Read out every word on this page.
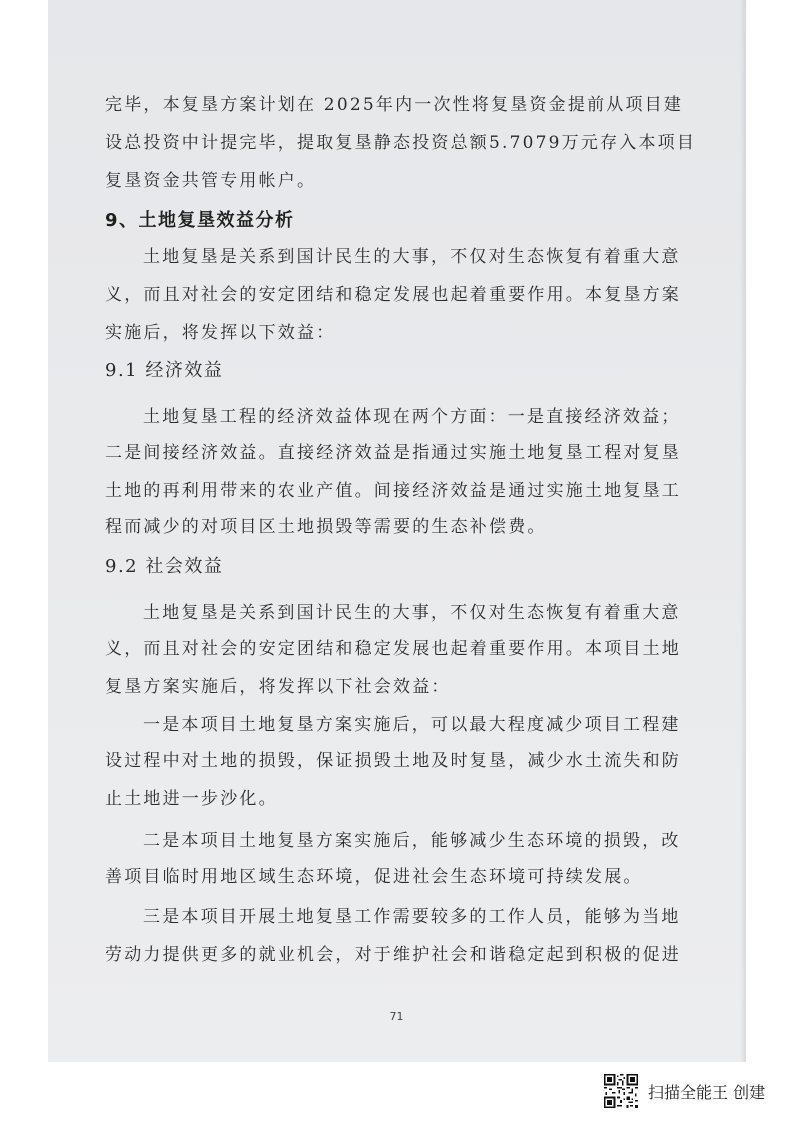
完毕，本复垦方案计划在 2025年内一次性将复垦资金提前从项目建
设总投资中计提完毕，提取复垦静态投资总额5.7079万元存入本项目
复垦资金共管专用帐户。
9、土地复垦效益分析
土地复垦是关系到国计民生的大事，不仅对生态恢复有着重大意
义，而且对社会的安定团结和稳定发展也起着重要作用。本复垦方案
实施后，将发挥以下效益：
9.1 经济效益
土地复垦工程的经济效益体现在两个方面：一是直接经济效益；
二是间接经济效益。直接经济效益是指通过实施土地复垦工程对复垦
土地的再利用带来的农业产值。间接经济效益是通过实施土地复垦工
程而减少的对项目区土地损毁等需要的生态补偿费。
9.2 社会效益
土地复垦是关系到国计民生的大事，不仅对生态恢复有着重大意
义，而且对社会的安定团结和稳定发展也起着重要作用。本项目土地
复垦方案实施后，将发挥以下社会效益：
一是本项目土地复垦方案实施后，可以最大程度减少项目工程建
设过程中对土地的损毁，保证损毁土地及时复垦，减少水土流失和防
止土地进一步沙化。
二是本项目土地复垦方案实施后，能够减少生态环境的损毁，改
善项目临时用地区域生态环境，促进社会生态环境可持续发展。
三是本项目开展土地复垦工作需要较多的工作人员，能够为当地
劳动力提供更多的就业机会，对于维护社会和谐稳定起到积极的促进
71
扫描全能王 创建
